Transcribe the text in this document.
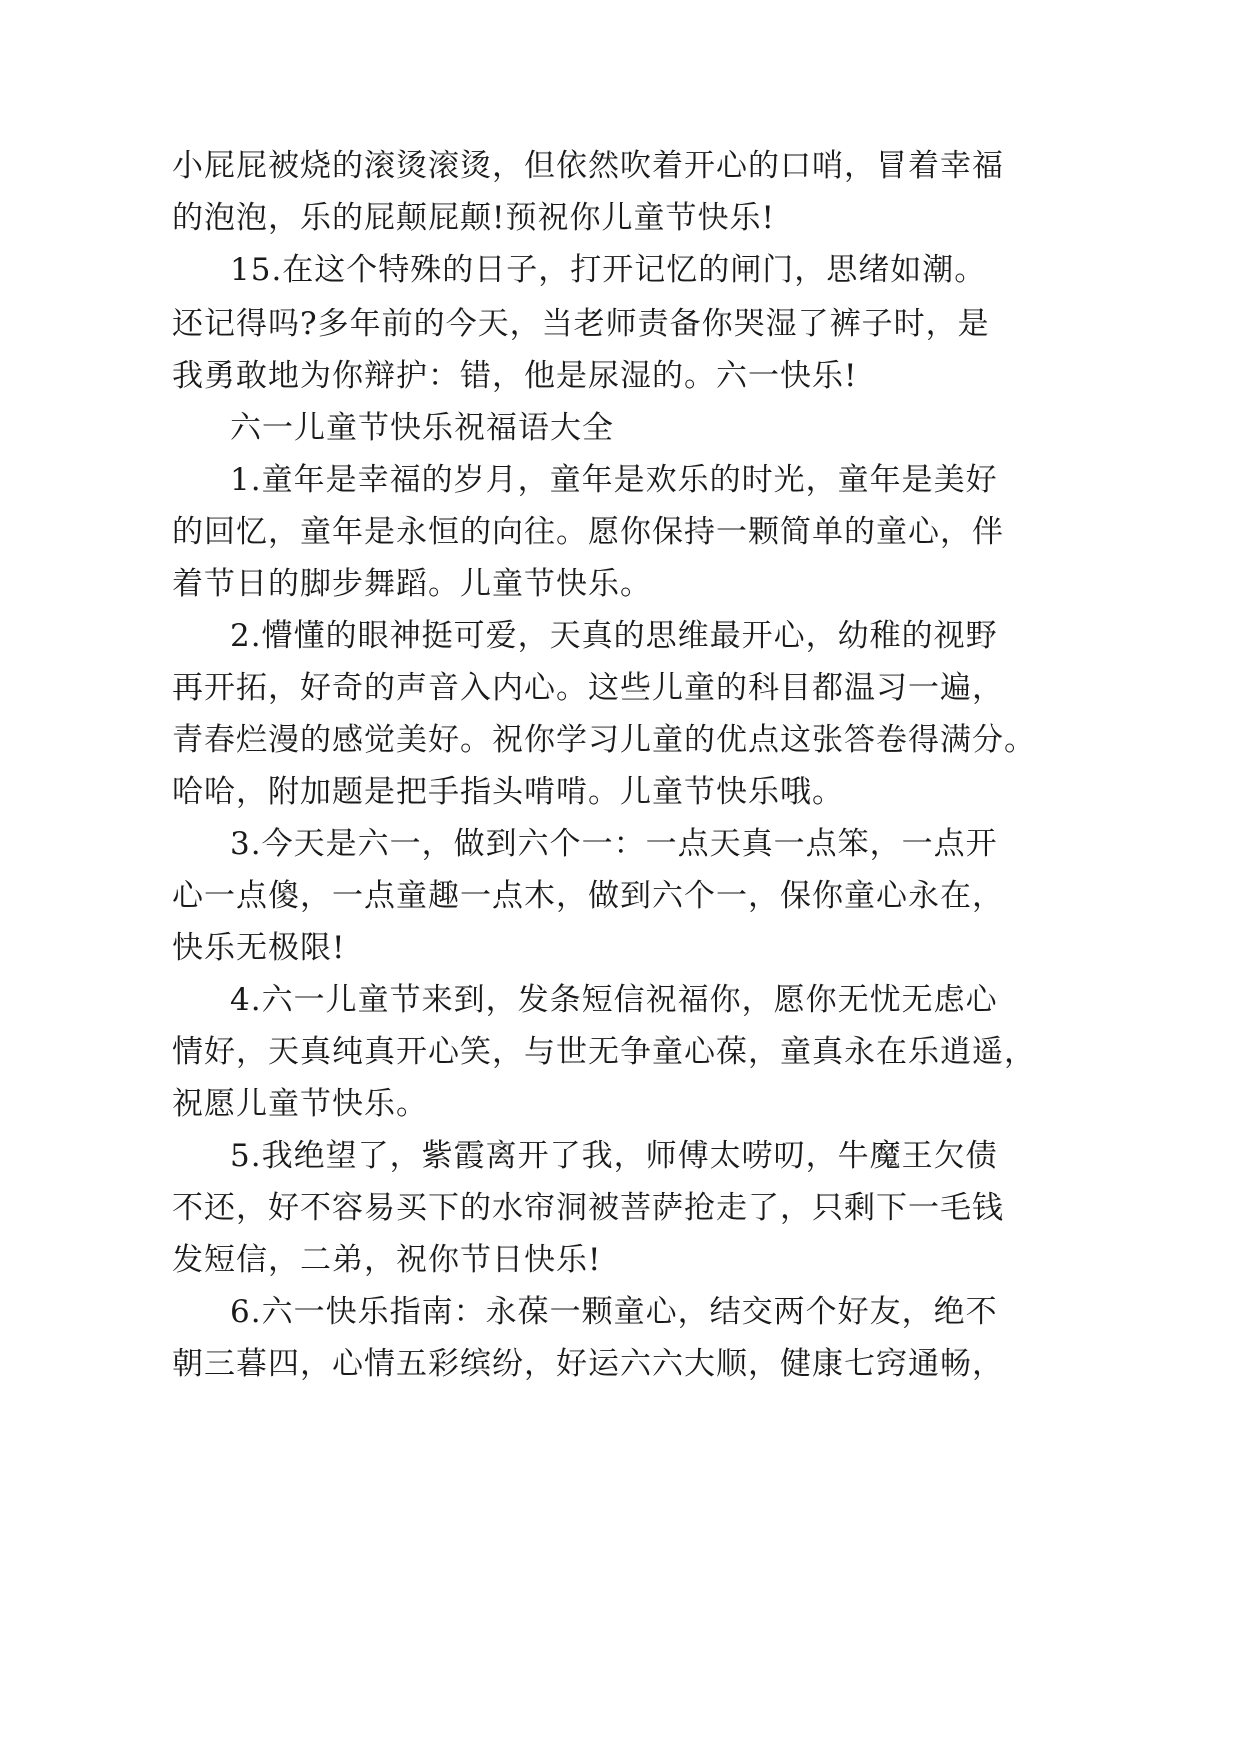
小屁屁被烧的滚烫滚烫，但依然吹着开心的口哨，冒着幸福

的泡泡，乐的屁颠屁颠!预祝你儿童节快乐!

15.在这个特殊的日子，打开记忆的闸门，思绪如潮。

还记得吗?多年前的今天，当老师责备你哭湿了裤子时，是

我勇敢地为你辩护：错，他是尿湿的。六一快乐!

六一儿童节快乐祝福语大全

1.童年是幸福的岁月，童年是欢乐的时光，童年是美好

的回忆，童年是永恒的向往。愿你保持一颗简单的童心，伴

着节日的脚步舞蹈。儿童节快乐。

2.懵懂的眼神挺可爱，天真的思维最开心，幼稚的视野

再开拓，好奇的声音入内心。这些儿童的科目都温习一遍，

青春烂漫的感觉美好。祝你学习儿童的优点这张答卷得满分。

哈哈，附加题是把手指头啃啃。儿童节快乐哦。

3.今天是六一，做到六个一：一点天真一点笨，一点开

心一点傻，一点童趣一点木，做到六个一，保你童心永在，

快乐无极限!

4.六一儿童节来到，发条短信祝福你，愿你无忧无虑心

情好，天真纯真开心笑，与世无争童心葆，童真永在乐逍遥，

祝愿儿童节快乐。

5.我绝望了，紫霞离开了我，师傅太唠叨，牛魔王欠债

不还，好不容易买下的水帘洞被菩萨抢走了，只剩下一毛钱

发短信，二弟，祝你节日快乐!

6.六一快乐指南：永葆一颗童心，结交两个好友，绝不

朝三暮四，心情五彩缤纷，好运六六大顺，健康七窍通畅，
